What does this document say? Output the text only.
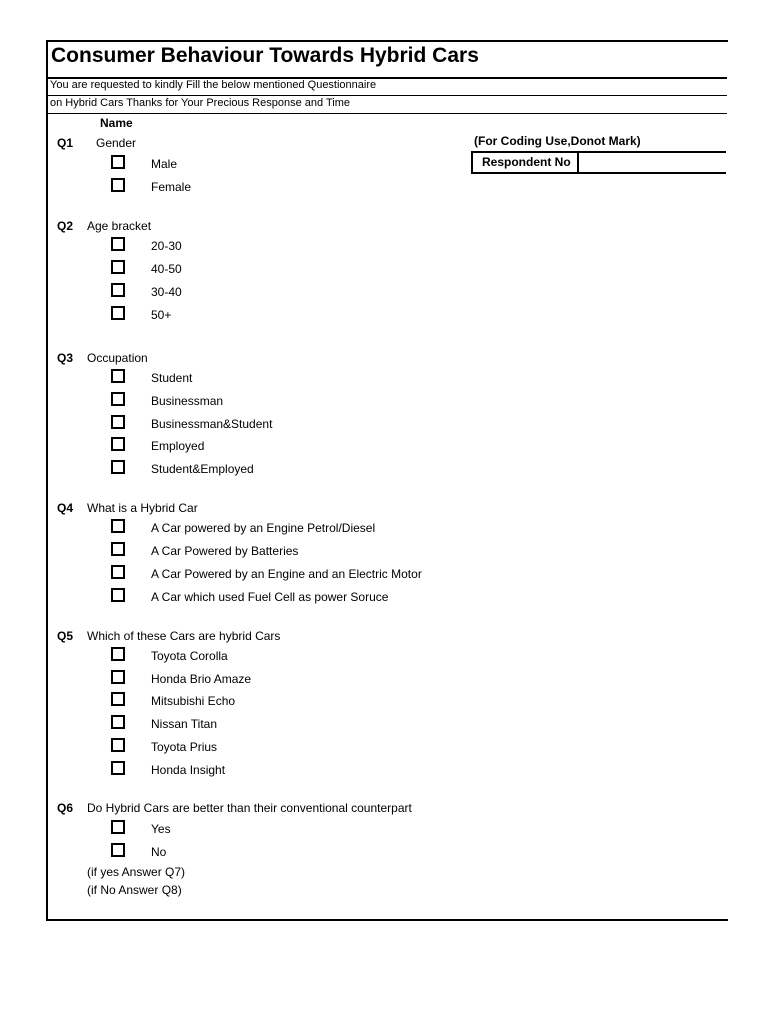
Consumer Behaviour Towards Hybrid Cars
You are requested to kindly Fill the below mentioned Questionnaire
on Hybrid Cars Thanks for Your Precious Response and Time
Name
(For Coding Use,Donot Mark)
Respondent No
Q1 Gender
Male
Female
Q2 Age bracket
20-30
40-50
30-40
50+
Q3 Occupation
Student
Businessman
Businessman&Student
Employed
Student&Employed
Q4 What is a Hybrid Car
A Car powered by an Engine Petrol/Diesel
A Car Powered by Batteries
A Car Powered by an Engine and an Electric Motor
A Car which used Fuel Cell as power Soruce
Q5 Which of these Cars are hybrid Cars
Toyota Corolla
Honda Brio Amaze
Mitsubishi Echo
Nissan Titan
Toyota Prius
Honda Insight
Q6 Do Hybrid Cars are better than their conventional counterpart
Yes
No
(if yes Answer Q7)
(if No Answer Q8)
